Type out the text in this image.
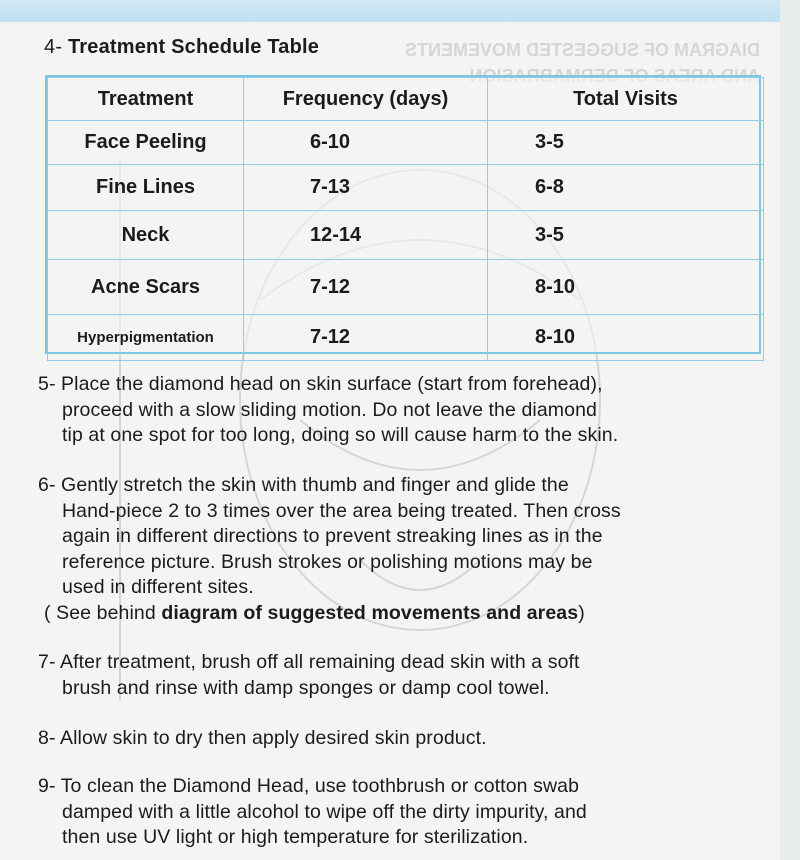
DIAGRAM OF SUGGESTED MOVEMENTS
4- Treatment Schedule Table
Treatment	Frequency (days)	Total Visits
Face Peeling	6-10	3-5
Fine Lines	7-13	6-8
Neck	12-14	3-5
Acne Scars	7-12	8-10
Hyperpigmentation	7-12	8-10

5- Place the diamond head on skin surface (start from forehead),

proceed with a slow sliding motion. Do not leave the diamond

tip at one spot for too long, doing so will cause harm to the skin.

6- Gently stretch the skin with thumb and finger and glide the

Hand-piece 2 to 3 times over the area being treated. Then cross

again in different directions to prevent streaking lines as in the

reference picture. Brush strokes or polishing motions may be

used in different sites.

( See behind diagram of suggested movements and areas)

7- After treatment, brush off all remaining dead skin with a soft

brush and rinse with damp sponges or damp cool towel.

8- Allow skin to dry then apply desired skin product.

9- To clean the Diamond Head, use toothbrush or cotton swab

damped with a little alcohol to wipe off the dirty impurity, and

then use UV light or high temperature for sterilization.
